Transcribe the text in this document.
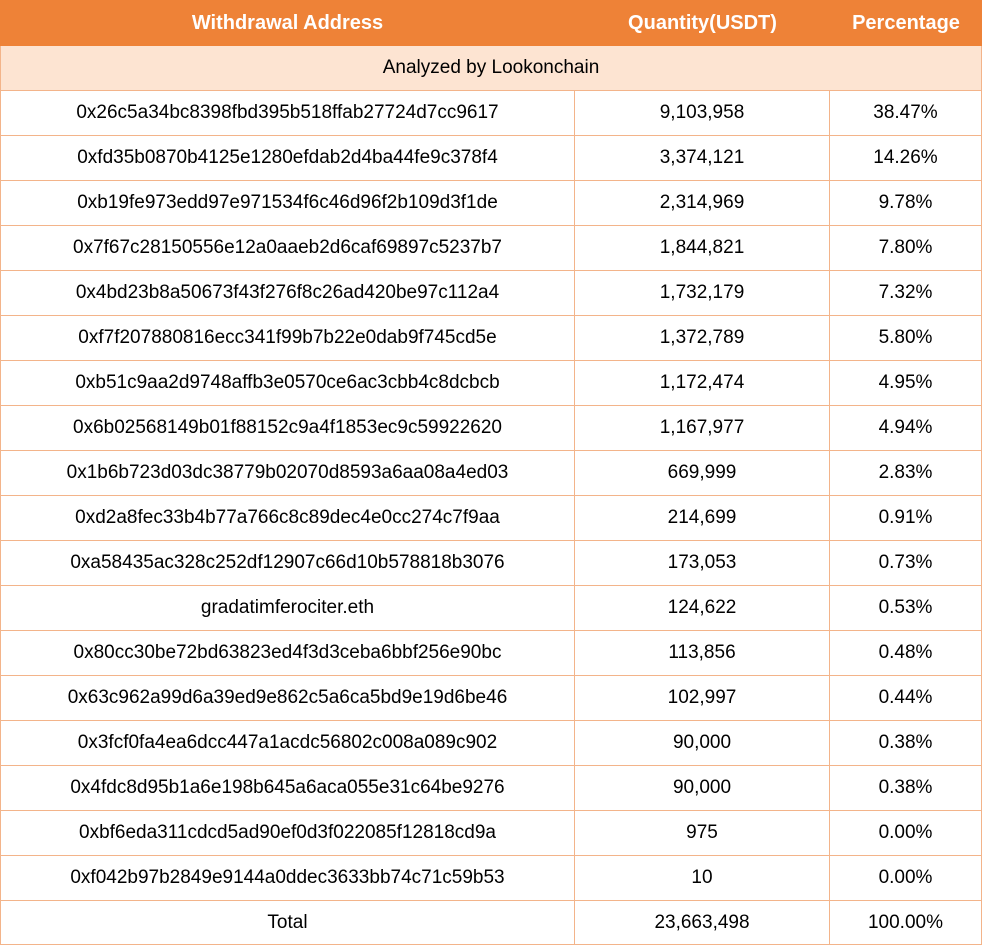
Withdrawal Address	Quantity(USDT)	Percentage
Analyzed by Lookonchain
0x26c5a34bc8398fbd395b518ffab27724d7cc9617	9,103,958	38.47%
0xfd35b0870b4125e1280efdab2d4ba44fe9c378f4	3,374,121	14.26%
0xb19fe973edd97e971534f6c46d96f2b109d3f1de	2,314,969	9.78%
0x7f67c28150556e12a0aaeb2d6caf69897c5237b7	1,844,821	7.80%
0x4bd23b8a50673f43f276f8c26ad420be97c112a4	1,732,179	7.32%
0xf7f207880816ecc341f99b7b22e0dab9f745cd5e	1,372,789	5.80%
0xb51c9aa2d9748affb3e0570ce6ac3cbb4c8dcbcb	1,172,474	4.95%
0x6b02568149b01f88152c9a4f1853ec9c59922620	1,167,977	4.94%
0x1b6b723d03dc38779b02070d8593a6aa08a4ed03	669,999	2.83%
0xd2a8fec33b4b77a766c8c89dec4e0cc274c7f9aa	214,699	0.91%
0xa58435ac328c252df12907c66d10b578818b3076	173,053	0.73%
gradatimferociter.eth	124,622	0.53%
0x80cc30be72bd63823ed4f3d3ceba6bbf256e90bc	113,856	0.48%
0x63c962a99d6a39ed9e862c5a6ca5bd9e19d6be46	102,997	0.44%
0x3fcf0fa4ea6dcc447a1acdc56802c008a089c902	90,000	0.38%
0x4fdc8d95b1a6e198b645a6aca055e31c64be9276	90,000	0.38%
0xbf6eda311cdcd5ad90ef0d3f022085f12818cd9a	975	0.00%
0xf042b97b2849e9144a0ddec3633bb74c71c59b53	10	0.00%
Total	23,663,498	100.00%
